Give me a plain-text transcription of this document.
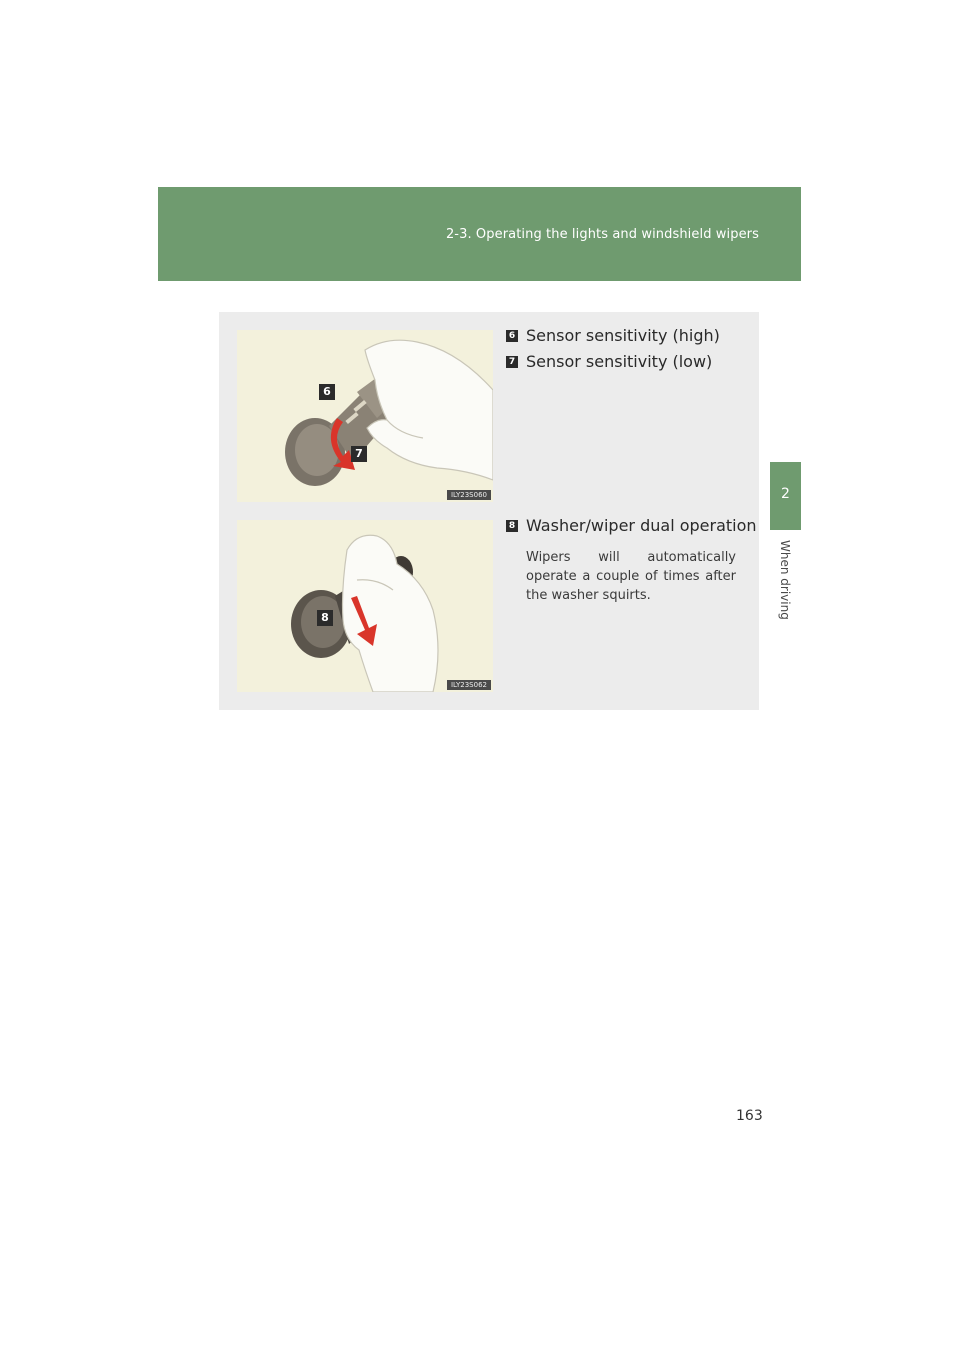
2-3. Operating the lights and windshield wipers
2
When driving
6
7
ILY23S060
8
ILY23S062
6 Sensor sensitivity (high)
7 Sensor sensitivity (low)
8 Washer/wiper dual operation
Wipers will automatically operate a couple of times after the washer squirts.
163
